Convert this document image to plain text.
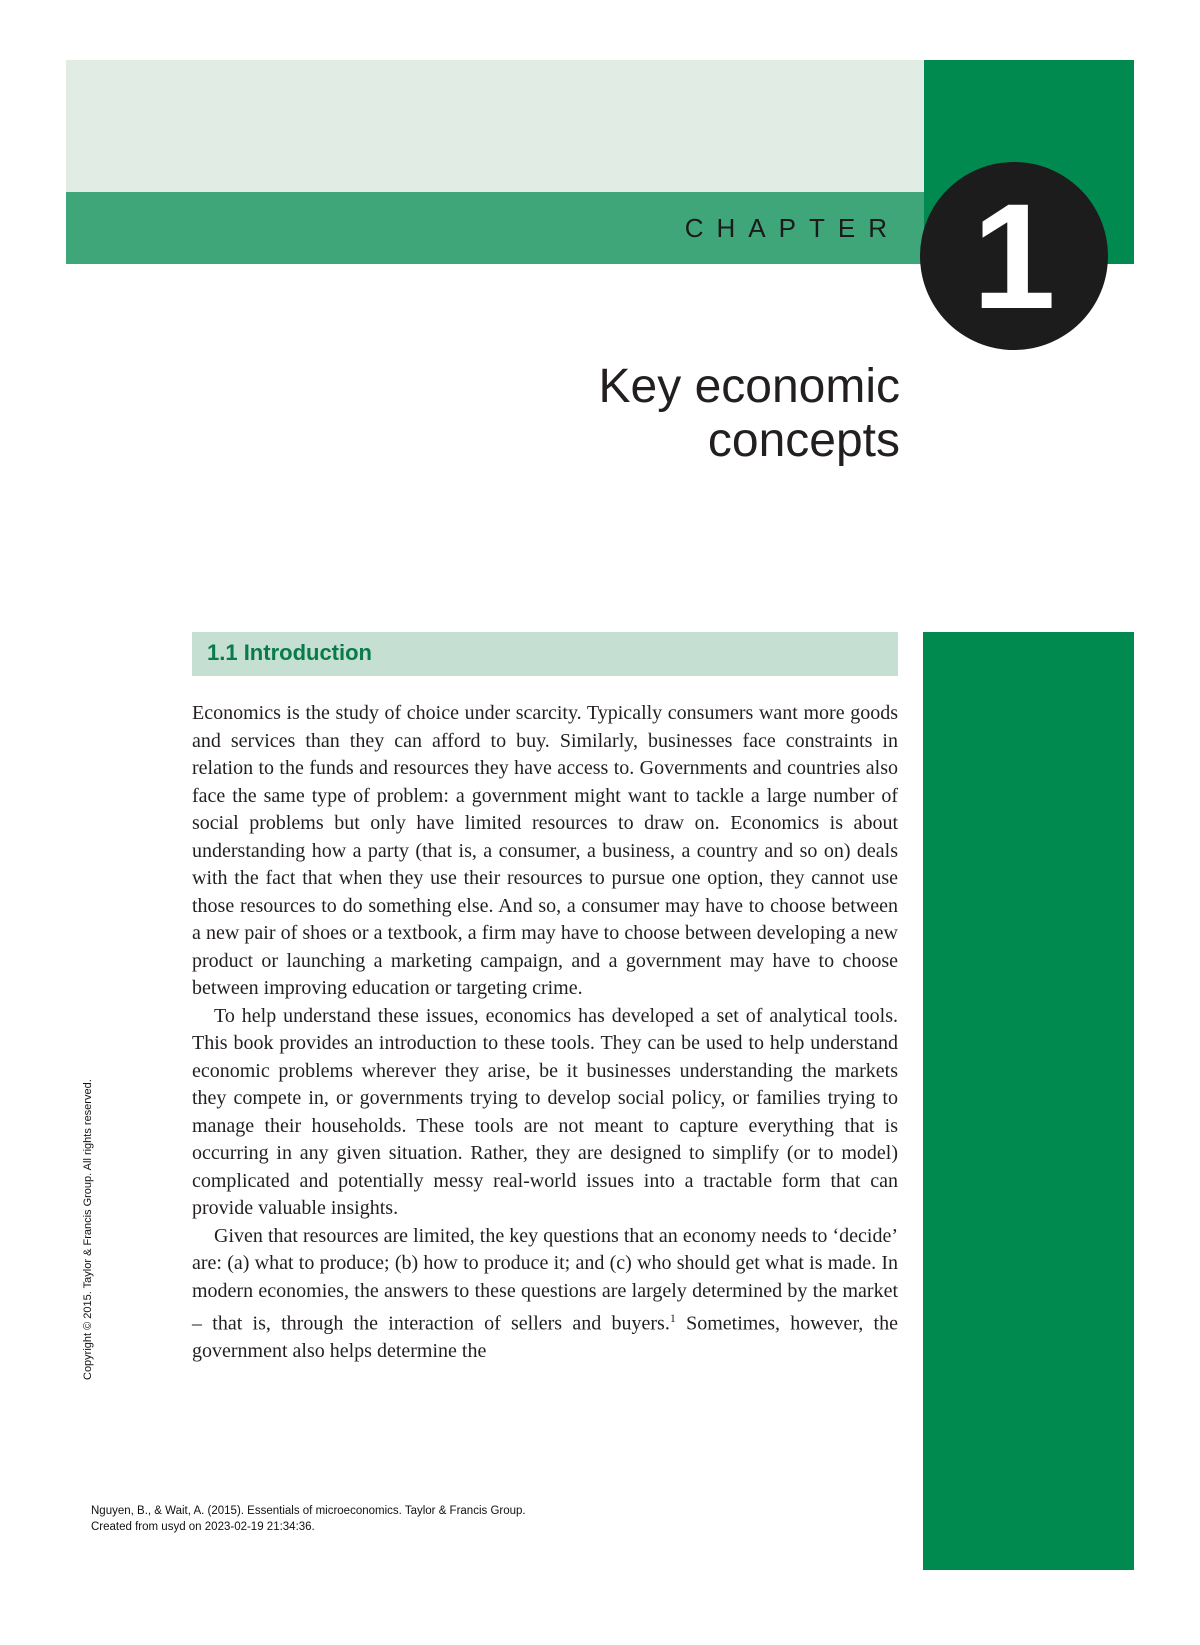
CHAPTER 1
Key economic
concepts
1.1 Introduction

Economics is the study of choice under scarcity. Typically consumers want more goods and services than they can afford to buy. Similarly, businesses face constraints in relation to the funds and resources they have access to. Governments and countries also face the same type of problem: a government might want to tackle a large number of social problems but only have limited resources to draw on. Economics is about understanding how a party (that is, a consumer, a business, a country and so on) deals with the fact that when they use their resources to pursue one option, they cannot use those resources to do something else. And so, a consumer may have to choose between a new pair of shoes or a textbook, a firm may have to choose between developing a new product or launching a marketing campaign, and a government may have to choose between improving education or targeting crime.

To help understand these issues, economics has developed a set of analytical tools. This book provides an introduction to these tools. They can be used to help understand economic problems wherever they arise, be it businesses understanding the markets they compete in, or governments trying to develop social policy, or families trying to manage their households. These tools are not meant to capture everything that is occurring in any given situation. Rather, they are designed to simplify (or to model) complicated and potentially messy real-world issues into a tractable form that can provide valuable insights.

Given that resources are limited, the key questions that an economy needs to ‘decide’ are: (a) what to produce; (b) how to produce it; and (c) who should get what is made. In modern economies, the answers to these questions are largely determined by the market – that is, through the interaction of sellers and buyers.$^1$ Sometimes, however, the government also helps determine the

Copyright © 2015. Taylor & Francis Group. All rights reserved.
Nguyen, B., & Wait, A. (2015). Essentials of microeconomics. Taylor & Francis Group.
Created from usyd on 2023-02-19 21:34:36.
